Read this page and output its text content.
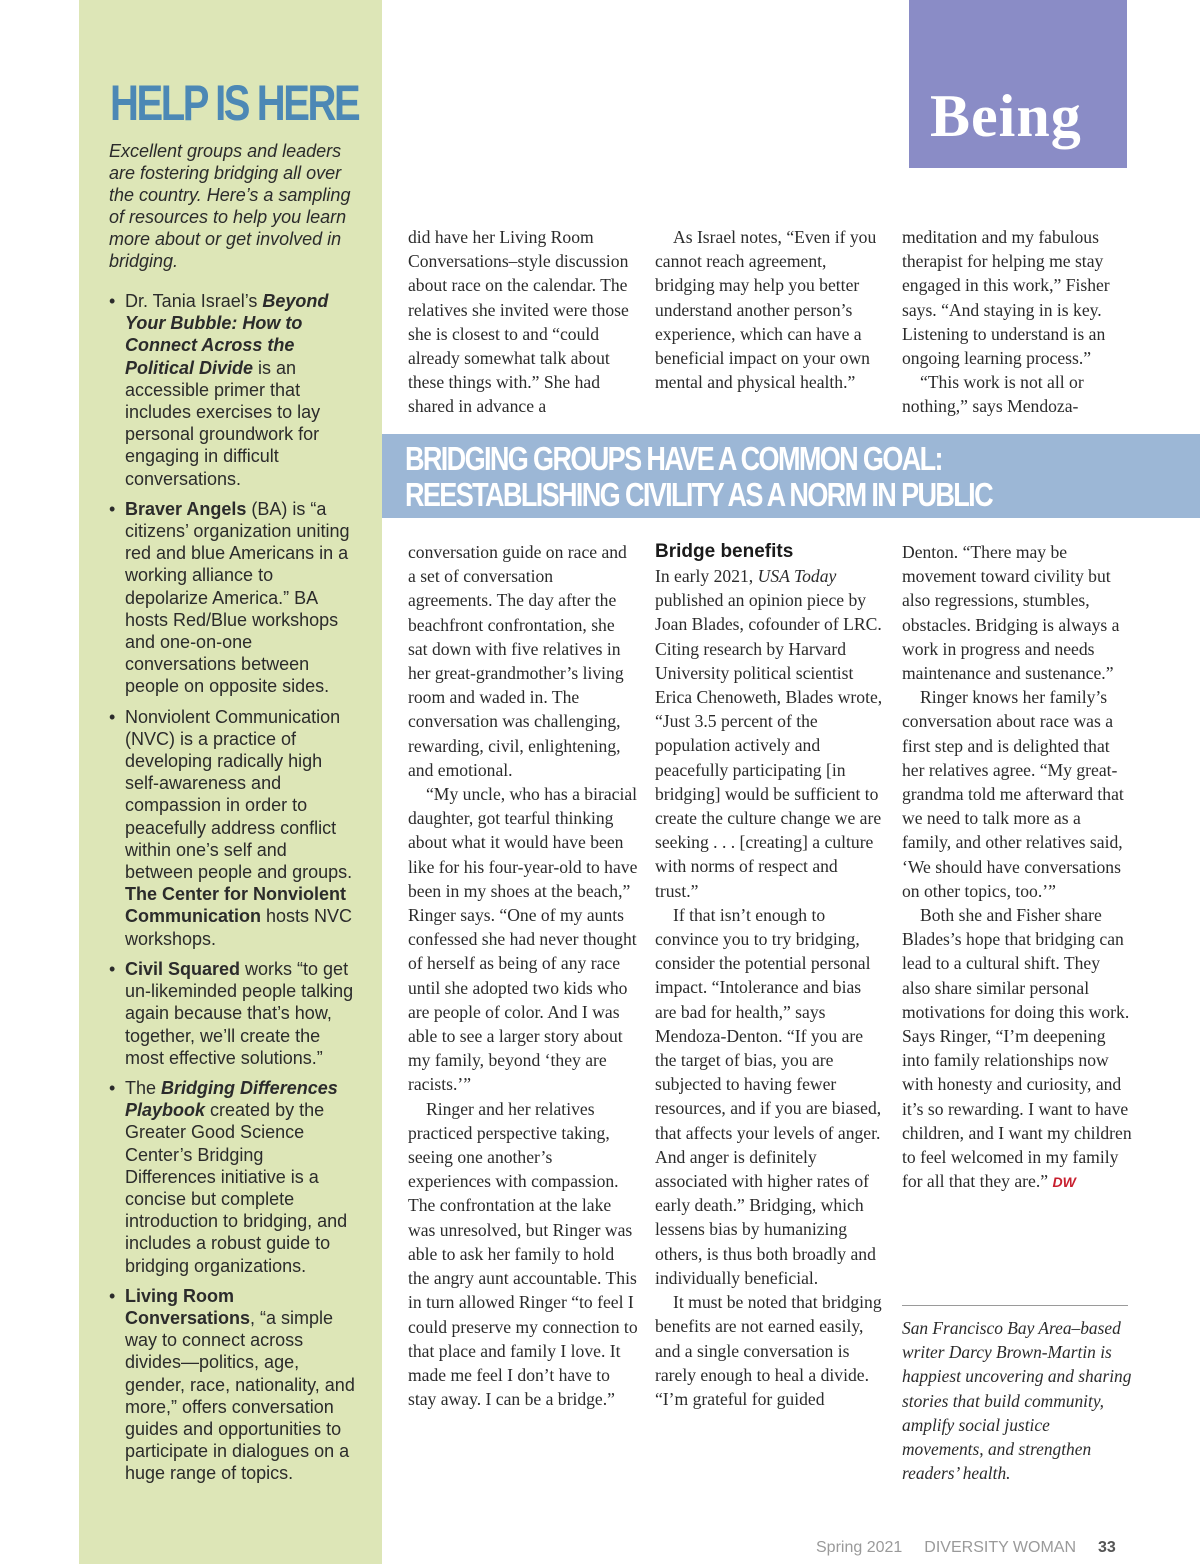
HELP IS HERE

Excellent groups and leaders are fostering bridging all over the country. Here’s a sampling of resources to help you learn more about or get involved in bridging.

• Dr. Tania Israel’s Beyond Your Bubble: How to Connect Across the Political Divide is an accessible primer that includes exercises to lay personal groundwork for engaging in difficult conversations.
• Braver Angels (BA) is “a citizens’ organization uniting red and blue Americans in a working alliance to depolarize America.” BA hosts Red/Blue workshops and one-on-one conversations between people on opposite sides.
• Nonviolent Communication (NVC) is a practice of developing radically high self-awareness and compassion in order to peacefully address conflict within one’s self and between people and groups. The Center for Nonviolent Communication hosts NVC workshops.
• Civil Squared works “to get un-likeminded people talking again because that’s how, together, we’ll create the most effective solutions.”
• The Bridging Differences Playbook created by the Greater Good Science Center’s Bridging Differences initiative is a concise but complete introduction to bridging, and includes a robust guide to bridging organizations.
• Living Room Conversations, “a simple way to connect across divides—politics, age, gender, race, nationality, and more,” offers conversation guides and opportunities to participate in dialogues on a huge range of topics.
Being

did have her Living Room Conversations–style discussion about race on the calendar. The relatives she invited were those she is closest to and “could already somewhat talk about these things with.” She had shared in advance a

As Israel notes, “Even if you cannot reach agreement, bridging may help you better understand another person’s experience, which can have a beneficial impact on your own mental and physical health.”

meditation and my fabulous therapist for helping me stay engaged in this work,” Fisher says. “And staying in is key. Listening to understand is an ongoing learning process.”

“This work is not all or nothing,” says Mendoza-

BRIDGING GROUPS HAVE A COMMON GOAL: REESTABLISHING CIVILITY AS A NORM IN PUBLIC DISCOURSE.

conversation guide on race and a set of conversation agreements. The day after the beachfront confrontation, she sat down with five relatives in her great-grandmother’s living room and waded in. The conversation was challenging, rewarding, civil, enlightening, and emotional.

“My uncle, who has a biracial daughter, got tearful thinking about what it would have been like for his four-year-old to have been in my shoes at the beach,” Ringer says. “One of my aunts confessed she had never thought of herself as being of any race until she adopted two kids who are people of color. And I was able to see a larger story about my family, beyond ‘they are racists.’”

Ringer and her relatives practiced perspective taking, seeing one another’s experiences with compassion. The confrontation at the lake was unresolved, but Ringer was able to ask her family to hold the angry aunt accountable. This in turn allowed Ringer “to feel I could preserve my connection to that place and family I love. It made me feel I don’t have to stay away. I can be a bridge.”

Bridge benefits

In early 2021, USA Today published an opinion piece by Joan Blades, cofounder of LRC. Citing research by Harvard University political scientist Erica Chenoweth, Blades wrote, “Just 3.5 percent of the population actively and peacefully participating [in bridging] would be sufficient to create the culture change we are seeking . . . [creating] a culture with norms of respect and trust.”

If that isn’t enough to convince you to try bridging, consider the potential personal impact. “Intolerance and bias are bad for health,” says Mendoza-Denton. “If you are the target of bias, you are subjected to having fewer resources, and if you are biased, that affects your levels of anger. And anger is definitely associated with higher rates of early death.” Bridging, which lessens bias by humanizing others, is thus both broadly and individually beneficial.

It must be noted that bridging benefits are not earned easily, and a single conversation is rarely enough to heal a divide. “I’m grateful for guided

Denton. “There may be movement toward civility but also regressions, stumbles, obstacles. Bridging is always a work in progress and needs maintenance and sustenance.”

Ringer knows her family’s conversation about race was a first step and is delighted that her relatives agree. “My great-grandma told me afterward that we need to talk more as a family, and other relatives said, ‘We should have conversations on other topics, too.’”

Both she and Fisher share Blades’s hope that bridging can lead to a cultural shift. They also share similar personal motivations for doing this work. Says Ringer, “I’m deepening into family relationships now with honesty and curiosity, and it’s so rewarding. I want to have children, and I want my children to feel welcomed in my family for all that they are.” DW

San Francisco Bay Area–based writer Darcy Brown-Martin is happiest uncovering and sharing stories that build community, amplify social justice movements, and strengthen readers’ health.

Spring 2021 DIVERSITY WOMAN 33
